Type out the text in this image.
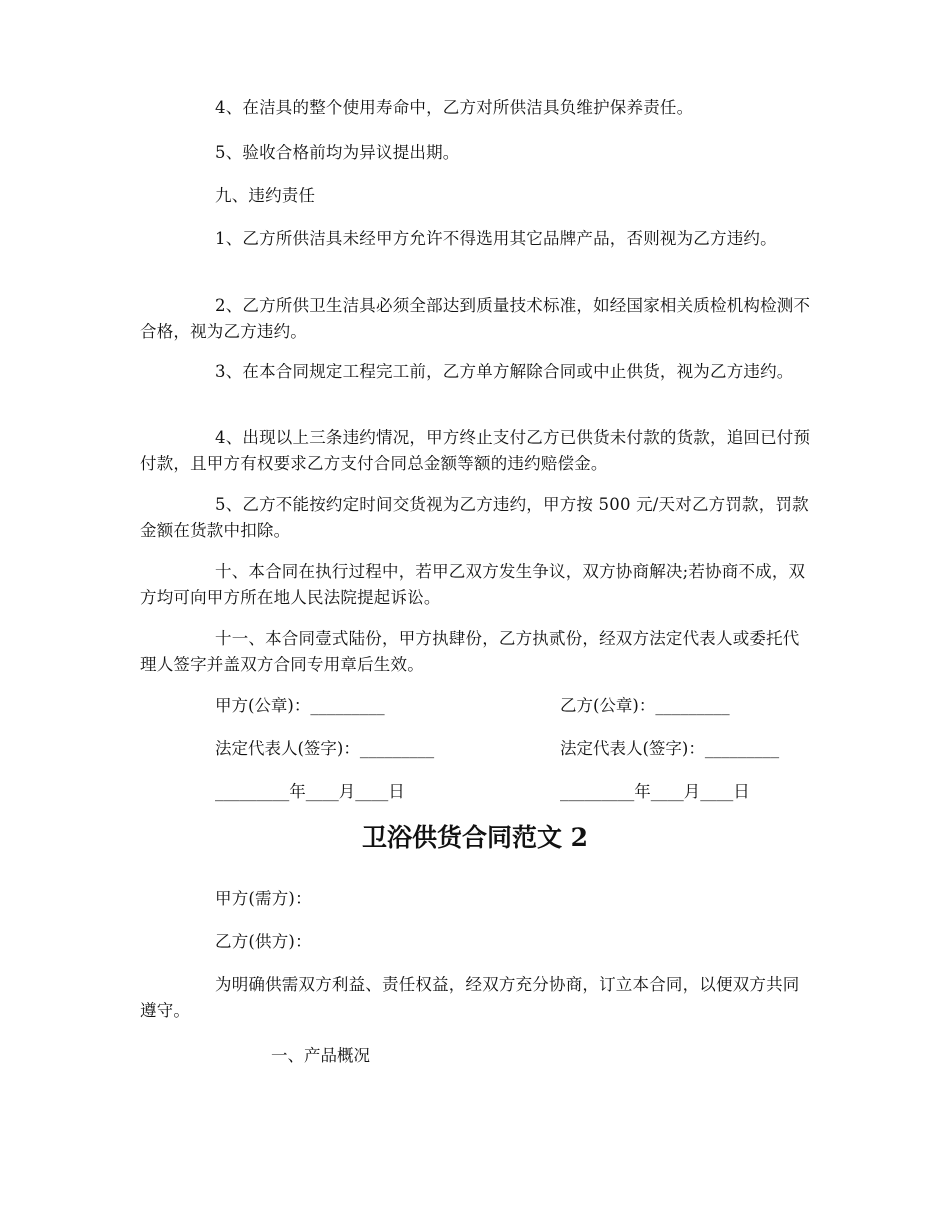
4、在洁具的整个使用寿命中，乙方对所供洁具负维护保养责任。

5、验收合格前均为异议提出期。

九、违约责任

1、乙方所供洁具未经甲方允许不得选用其它品牌产品，否则视为乙方违约。

2、乙方所供卫生洁具必须全部达到质量技术标准，如经国家相关质检机构检测不合格，视为乙方违约。

3、在本合同规定工程完工前，乙方单方解除合同或中止供货，视为乙方违约。

4、出现以上三条违约情况，甲方终止支付乙方已供货未付款的货款，追回已付预付款，且甲方有权要求乙方支付合同总金额等额的违约赔偿金。

5、乙方不能按约定时间交货视为乙方违约，甲方按 500 元/天对乙方罚款，罚款金额在货款中扣除。

十、本合同在执行过程中，若甲乙双方发生争议，双方协商解决;若协商不成，双方均可向甲方所在地人民法院提起诉讼。

十一、本合同壹式陆份，甲方执肆份，乙方执贰份，经双方法定代表人或委托代理人签字并盖双方合同专用章后生效。

甲方(公章)：_________	乙方(公章)：_________
法定代表人(签字)：_________	法定代表人(签字)：_________
_________年____月____日	_________年____月____日
卫浴供货合同范文 2

甲方(需方)：

乙方(供方)：

为明确供需双方利益、责任权益，经双方充分协商，订立本合同，以便双方共同遵守。

一、产品概况
